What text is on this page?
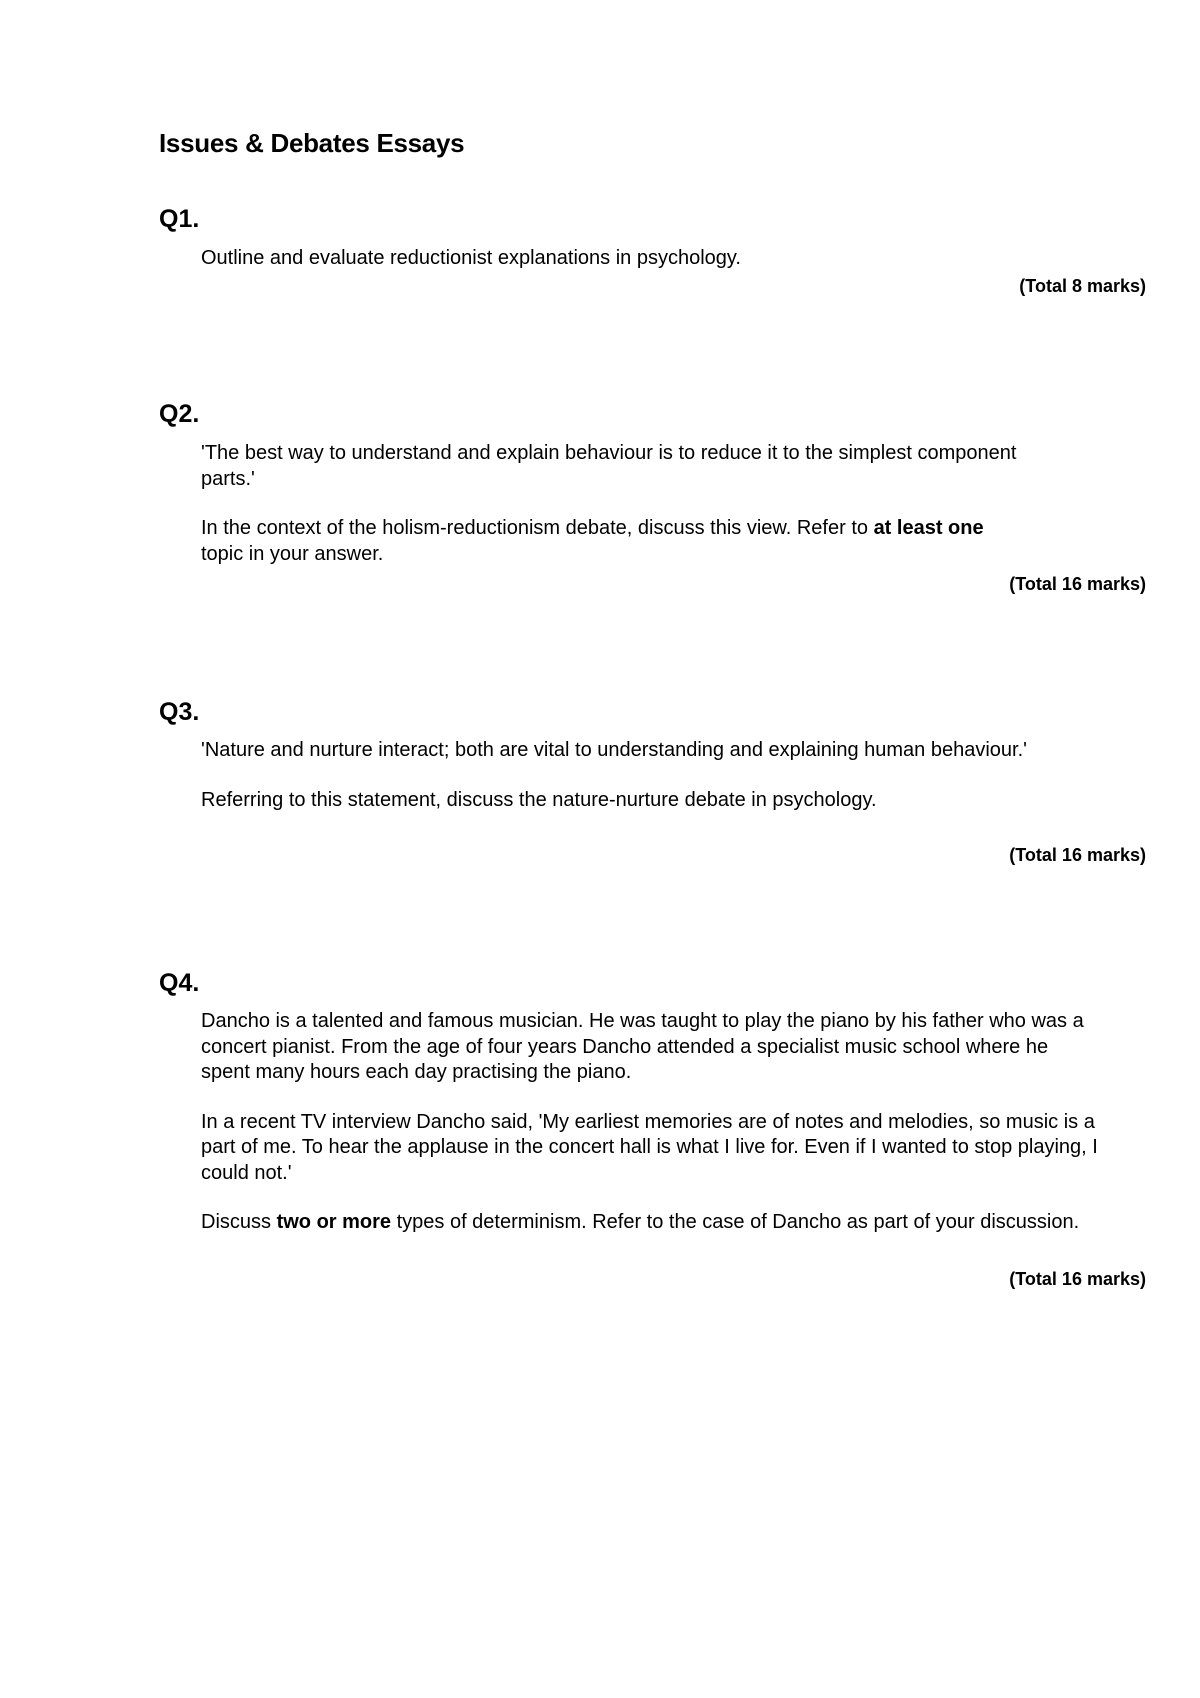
Issues & Debates Essays
Q1.

Outline and evaluate reductionist explanations in psychology.

(Total 8 marks)
Q2.

'The best way to understand and explain behaviour is to reduce it to the simplest component parts.'

In the context of the holism-reductionism debate, discuss this view. Refer to at least one topic in your answer.

(Total 16 marks)
Q3.

'Nature and nurture interact; both are vital to understanding and explaining human behaviour.'

Referring to this statement, discuss the nature-nurture debate in psychology.

(Total 16 marks)
Q4.

Dancho is a talented and famous musician. He was taught to play the piano by his father who was a concert pianist. From the age of four years Dancho attended a specialist music school where he spent many hours each day practising the piano.

In a recent TV interview Dancho said, 'My earliest memories are of notes and melodies, so music is a part of me. To hear the applause in the concert hall is what I live for. Even if I wanted to stop playing, I could not.'

Discuss two or more types of determinism. Refer to the case of Dancho as part of your discussion.

(Total 16 marks)
